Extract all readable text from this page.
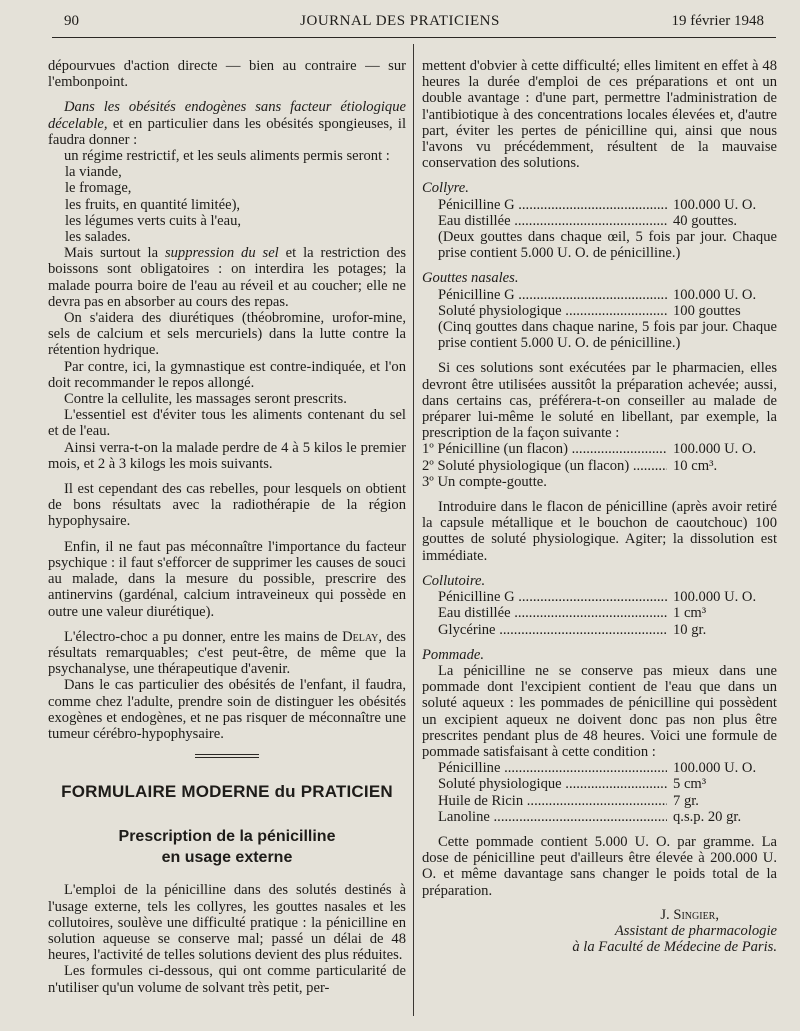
90	JOURNAL DES PRATICIENS	19 février 1948

dépourvues d'action directe — bien au contraire — sur l'embonpoint.

Dans les obésités endogènes sans facteur étiologique décelable, et en particulier dans les obésités spongieuses, il faudra donner :

un régime restrictif, et les seuls aliments permis seront :

la viande,

le fromage,

les fruits, en quantité limitée),

les légumes verts cuits à l'eau,

les salades.

Mais surtout la suppression du sel et la restriction des boissons sont obligatoires : on interdira les potages; la malade pourra boire de l'eau au réveil et au coucher; elle ne devra pas en absorber au cours des repas.

On s'aidera des diurétiques (théobromine, urofor-mine, sels de calcium et sels mercuriels) dans la lutte contre la rétention hydrique.

Par contre, ici, la gymnastique est contre-indiquée, et l'on doit recommander le repos allongé.

Contre la cellulite, les massages seront prescrits.

L'essentiel est d'éviter tous les aliments contenant du sel et de l'eau.

Ainsi verra-t-on la malade perdre de 4 à 5 kilos le premier mois, et 2 à 3 kilogs les mois suivants.

Il est cependant des cas rebelles, pour lesquels on obtient de bons résultats avec la radiothérapie de la région hypophysaire.

Enfin, il ne faut pas méconnaître l'importance du facteur psychique : il faut s'efforcer de supprimer les causes de souci au malade, dans la mesure du possible, prescrire des antinervins (gardénal, calcium intraveineux qui possède en outre une valeur diurétique).

L'électro-choc a pu donner, entre les mains de Delay, des résultats remarquables; c'est peut-être, de même que la psychanalyse, une thérapeutique d'avenir.

Dans le cas particulier des obésités de l'enfant, il faudra, comme chez l'adulte, prendre soin de distinguer les obésités exogènes et endogènes, et ne pas risquer de méconnaître une tumeur cérébro-hypophysaire.

FORMULAIRE MODERNE du PRATICIEN
Prescription de la pénicilline
en usage externe

L'emploi de la pénicilline dans des solutés destinés à l'usage externe, tels les collyres, les gouttes nasales et les collutoires, soulève une difficulté pratique : la pénicilline en solution aqueuse se conserve mal; passé un délai de 48 heures, l'activité de telles solutions devient des plus réduites.

Les formules ci-dessous, qui ont comme particularité de n'utiliser qu'un volume de solvant très petit, per-

mettent d'obvier à cette difficulté; elles limitent en effet à 48 heures la durée d'emploi de ces préparations et ont un double avantage : d'une part, permettre l'administration de l'antibiotique à des concentrations locales élevées et, d'autre part, éviter les pertes de pénicilline qui, ainsi que nous l'avons vu précédemment, résultent de la mauvaise conservation des solutions.

Collyre.

Pénicilline G .....	100.000 U. O.
Eau distillée .....	40 gouttes.

(Deux gouttes dans chaque œil, 5 fois par jour. Chaque prise contient 5.000 U. O. de pénicilline.)

Gouttes nasales.

Pénicilline G .....	100.000 U. O.
Soluté physiologique .....	100 gouttes

(Cinq gouttes dans chaque narine, 5 fois par jour. Chaque prise contient 5.000 U. O. de pénicilline.)

Si ces solutions sont exécutées par le pharmacien, elles devront être utilisées aussitôt la préparation achevée; aussi, dans certains cas, préférera-t-on conseiller au malade de préparer lui-même le soluté en libellant, par exemple, la prescription de la façon suivante :

1º Pénicilline (un flacon) .....	100.000 U. O.
2º Soluté physiologique (un flacon) .....	10 cm³.

3º Un compte-goutte.

Introduire dans le flacon de pénicilline (après avoir retiré la capsule métallique et le bouchon de caoutchouc) 100 gouttes de soluté physiologique. Agiter; la dissolution est immédiate.

Collutoire.

Pénicilline G .....	100.000 U. O.
Eau distillée .....	1 cm³
Glycérine .....	10 gr.

Pommade.

La pénicilline ne se conserve pas mieux dans une pommade dont l'excipient contient de l'eau que dans un soluté aqueux : les pommades de pénicilline qui possèdent un excipient aqueux ne doivent donc pas non plus être prescrites pendant plus de 48 heures. Voici une formule de pommade satisfaisant à cette condition :

Pénicilline .....	100.000 U. O.
Soluté physiologique .....	5 cm³
Huile de Ricin .....	7 gr.
Lanoline .....	q.s.p. 20 gr.

Cette pommade contient 5.000 U. O. par gramme. La dose de pénicilline peut d'ailleurs être élevée à 200.000 U. O. et même davantage sans changer le poids total de la préparation.

J. Singier,
Assistant de pharmacologie
à la Faculté de Médecine de Paris.
